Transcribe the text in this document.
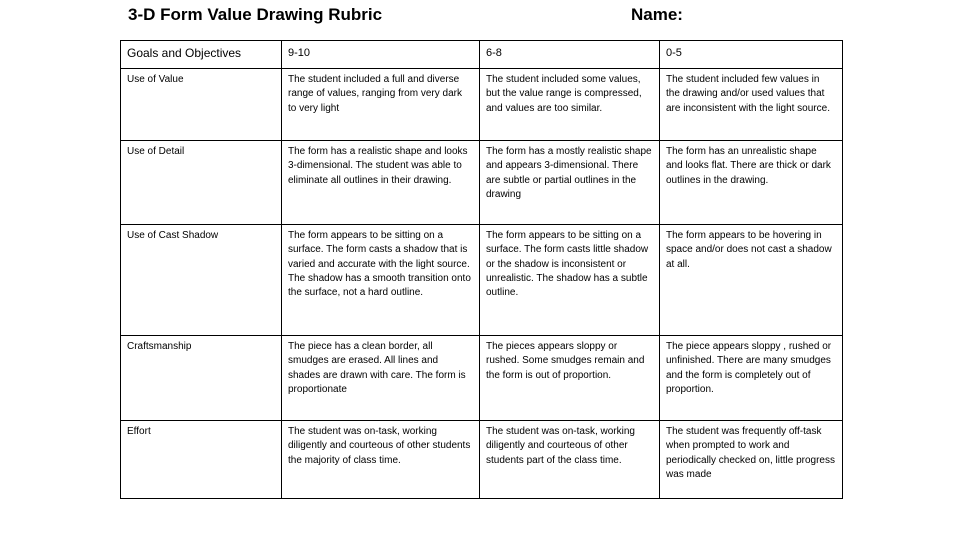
3-D Form Value Drawing Rubric	Name:
Goals and Objectives	9-10	6-8	0-5
Use of Value	The student included a full and diverse range of values, ranging from very dark to very light	The student included some values, but the value range is compressed, and values are too similar.	The student included few values in the drawing and/or used values that are inconsistent with the light source.
Use of Detail	The form has a realistic shape and looks 3-dimensional. The student was able to eliminate all outlines in their drawing.	The form has a mostly realistic shape and appears 3-dimensional. There are subtle or partial outlines in the drawing	The form has an unrealistic shape and looks flat. There are thick or dark outlines in the drawing.
Use of Cast Shadow	The form appears to be sitting on a surface. The form casts a shadow that is varied and accurate with the light source. The shadow has a smooth transition onto the surface, not a hard outline.	The form appears to be sitting on a surface. The form casts little shadow or the shadow is inconsistent or unrealistic. The shadow has a subtle outline.	The form appears to be hovering in space and/or does not cast a shadow at all.
Craftsmanship	The piece has a clean border, all smudges are erased. All lines and shades are drawn with care. The form is proportionate	The pieces appears sloppy or rushed. Some smudges remain and the form is out of proportion.	The piece appears sloppy , rushed or unfinished. There are many smudges and the form is completely out of proportion.
Effort	The student was on-task, working diligently and courteous of other students the majority of class time.	The student was on-task, working diligently and courteous of other students part of the class time.	The student was frequently off-task when prompted to work and periodically checked on, little progress was made
